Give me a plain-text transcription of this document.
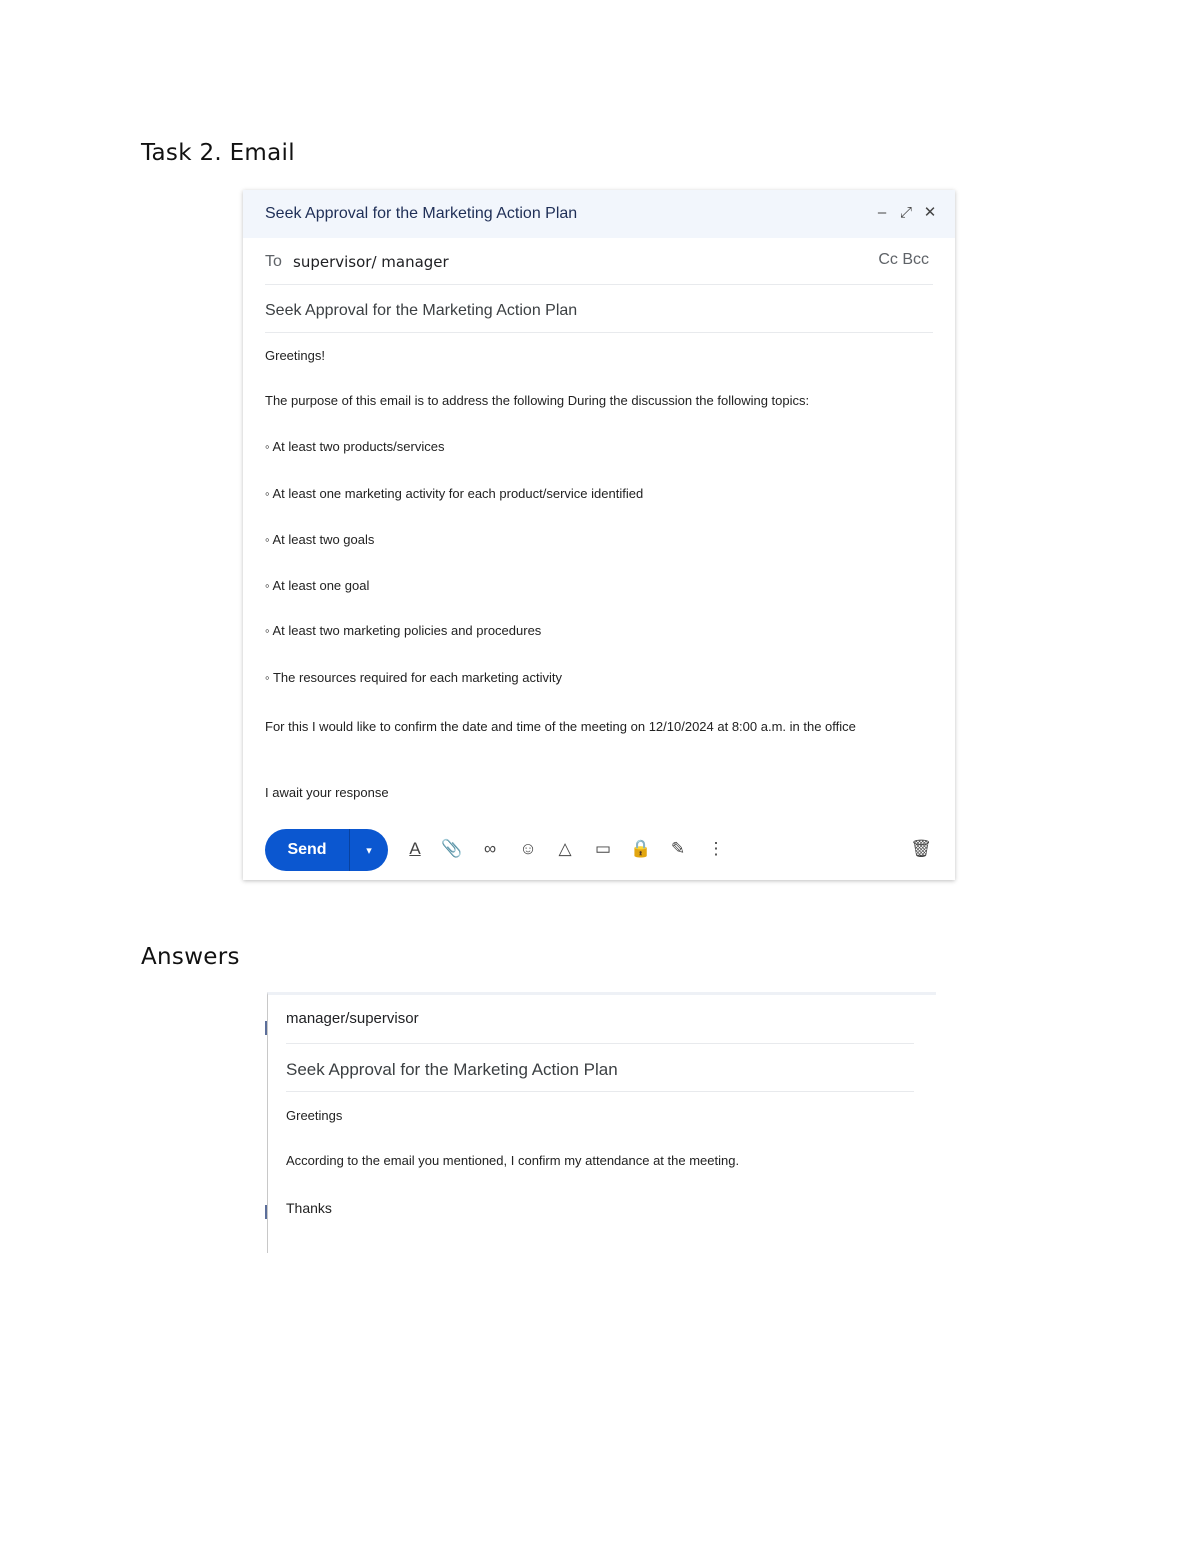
Task 2. Email
Seek Approval for the Marketing Action Plan	– ⤢ ✕
To supervisor/ manager	Cc Bcc
Seek Approval for the Marketing Action Plan
Greetings!
The purpose of this email is to address the following During the discussion the following topics:
◦ At least two products/services
◦ At least one marketing activity for each product/service identified
◦ At least two goals
◦ At least one goal
◦ At least two marketing policies and procedures
◦ The resources required for each marketing activity
For this I would like to confirm the date and time of the meeting on 12/10/2024 at 8:00 a.m. in the office
I await your response
Send	▾	A	📎	∞	☺	△	▭ 🔒 ✎ ⋮	🗑
Answers
manager/supervisor
Seek Approval for the Marketing Action Plan
Greetings
According to the email you mentioned, I confirm my attendance at the meeting.
Thanks
